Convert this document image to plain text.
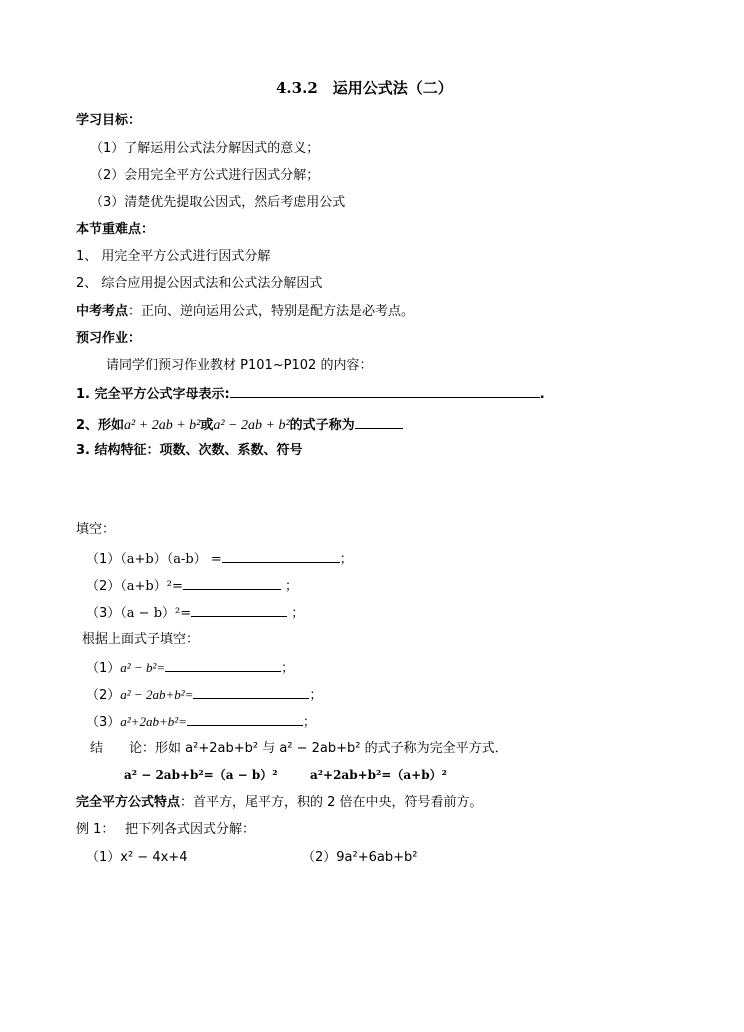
4.3.2　运用公式法（二）
学习目标：
（1）了解运用公式法分解因式的意义；
（2）会用完全平方公式进行因式分解；
（3）清楚优先提取公因式，然后考虑用公式
本节重难点：
1、 用完全平方公式进行因式分解
2、 综合应用提公因式法和公式法分解因式
中考考点：正向、逆向运用公式，特别是配方法是必考点。
预习作业：
请同学们预习作业教材 P101~P102 的内容：
1. 完全平方公式字母表示:	.
2、形如a² + 2ab + b²或a² − 2ab + b²的式子称为
3. 结构特征：项数、次数、系数、符号
填空：
（1）（a+b）（a-b） =	；
（2）（a+b）²=	；
（3）（a − b）²=	；
根据上面式子填空：
（1）a² − b²=	；
（2）a² − 2ab+b²=	；
（3）a²+2ab+b²=	；
结　　论：形如 a²+2ab+b² 与 a² − 2ab+b² 的式子称为完全平方式．
a² − 2ab+b²=（a − b）²	a²+2ab+b²=（a+b）²
完全平方公式特点：首平方，尾平方，积的 2 倍在中央，符号看前方。
例 1：　 把下列各式因式分解：
（1）x² − 4x+4	（2）9a²+6ab+b²
